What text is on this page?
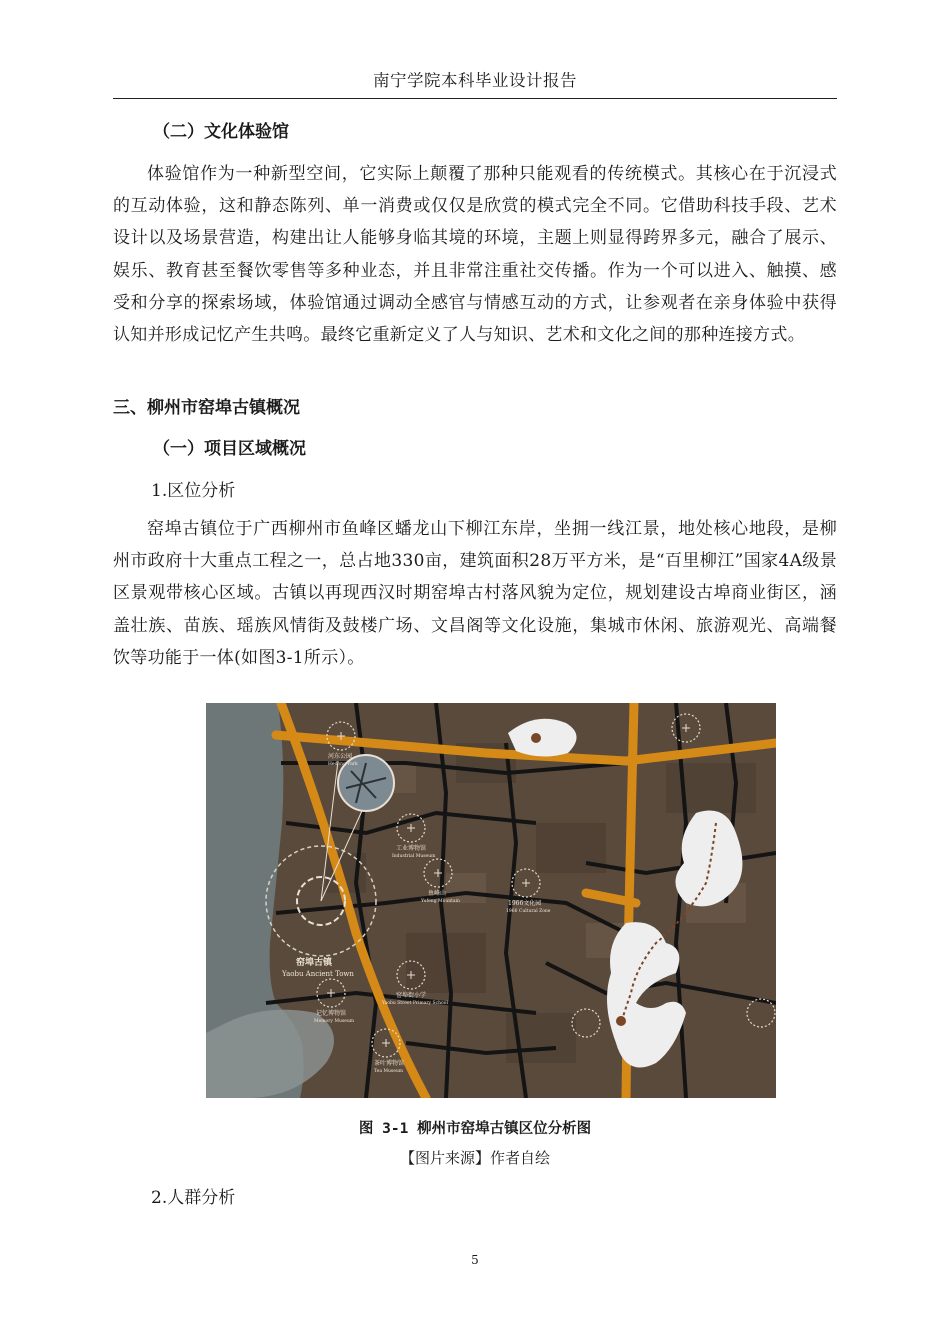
南宁学院本科毕业设计报告
（二）文化体验馆
体验馆作为一种新型空间，它实际上颠覆了那种只能观看的传统模式。其核心在于沉浸式的互动体验，这和静态陈列、单一消费或仅仅是欣赏的模式完全不同。它借助科技手段、艺术设计以及场景营造，构建出让人能够身临其境的环境，主题上则显得跨界多元，融合了展示、娱乐、教育甚至餐饮零售等多种业态，并且非常注重社交传播。作为一个可以进入、触摸、感受和分享的探索场域，体验馆通过调动全感官与情感互动的方式，让参观者在亲身体验中获得认知并形成记忆产生共鸣。最终它重新定义了人与知识、艺术和文化之间的那种连接方式。
三、柳州市窑埠古镇概况
（一）项目区域概况
1.区位分析
窑埠古镇位于广西柳州市鱼峰区蟠龙山下柳江东岸，坐拥一线江景，地处核心地段，是柳州市政府十大重点工程之一，总占地330亩，建筑面积28万平方米，是“百里柳江”国家4A级景区景观带核心区域。古镇以再现西汉时期窑埠古村落风貌为定位，规划建设古埠商业街区，涵盖壮族、苗族、瑶族风情街及鼓楼广场、文昌阁等文化设施，集城市休闲、旅游观光、高端餐饮等功能于一体(如图3-1所示）。
河东公园
Hedong Park
工业博物馆
Industrial Museum
鱼峰山
Yufeng Mountain	1966文化园
1966 Cultural Zone
窑埠古镇
Yaobu Ancient Town
窑埠街小学
Yaobu Street Primary School
记忆博物馆
Memory Museum
茶叶博物馆
Tea Museum
图 3-1 柳州市窑埠古镇区位分析图
【图片来源】作者自绘
2.人群分析
5
